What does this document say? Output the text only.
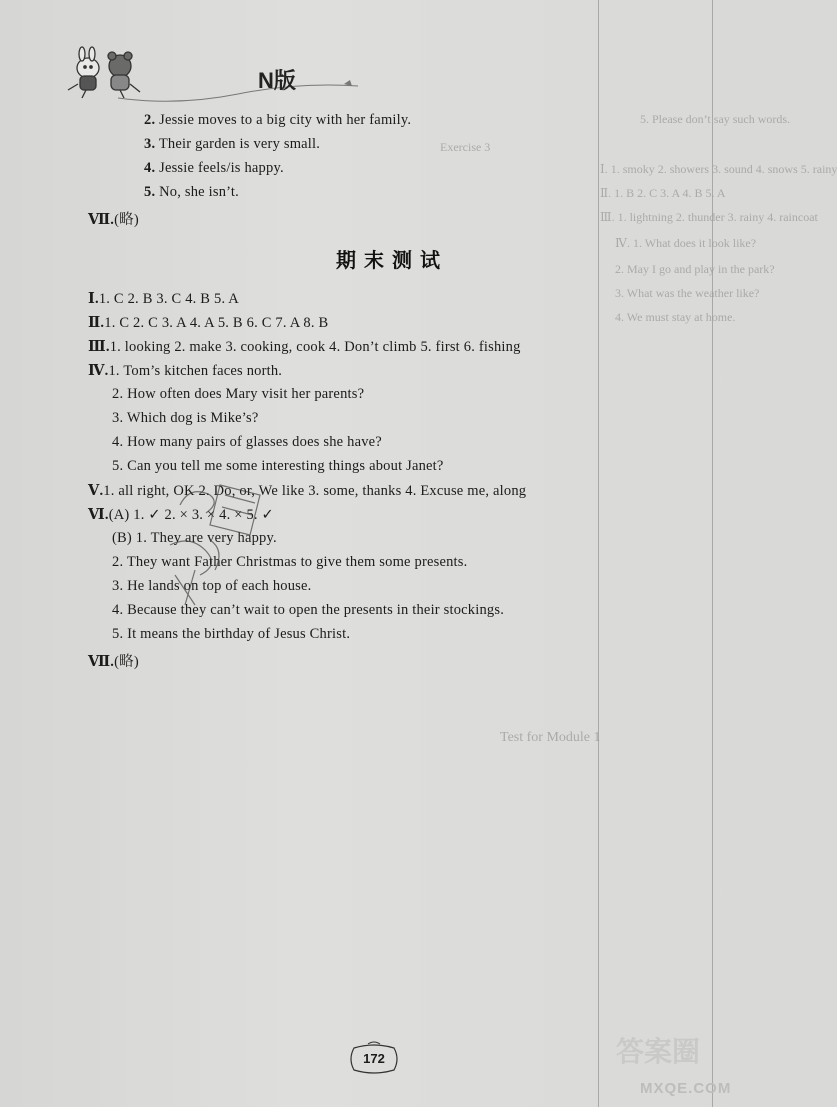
5. Please don’t say such words.
Exercise 3
Ⅰ. 1. smoky 2. showers 3. sound 4. snows 5. rainy
Ⅱ. 1. B 2. C 3. A 4. B 5. A
Ⅲ. 1. lightning 2. thunder 3. rainy 4. raincoat
Ⅳ. 1. What does it look like?
2. May I go and play in the park?
3. What was the weather like?
4. We must stay at home.
Test for Module 1
N版
2. Jessie moves to a big city with her family.
3. Their garden is very small.
4. Jessie feels/is happy.
5. No, she isn’t.
Ⅶ.(略)
期末测试
Ⅰ.1. C 2. B 3. C 4. B 5. A
Ⅱ.1. C 2. C 3. A 4. A 5. B 6. C 7. A 8. B
Ⅲ.1. looking 2. make 3. cooking, cook 4. Don’t climb 5. first 6. fishing
Ⅳ.1. Tom’s kitchen faces north.
2. How often does Mary visit her parents?
3. Which dog is Mike’s?
4. How many pairs of glasses does she have?
5. Can you tell me some interesting things about Janet?
Ⅴ.1. all right, OK 2. Do, or, We like 3. some, thanks 4. Excuse me, along
Ⅵ.(A) 1. ✓ 2. × 3. × 4. × 5. ✓
(B) 1. They are very happy.
2. They want Father Christmas to give them some presents.
3. He lands on top of each house.
4. Because they can’t wait to open the presents in their stockings.
5. It means the birthday of Jesus Christ.
Ⅶ.(略)
172	答案圈
MXQE.COM
